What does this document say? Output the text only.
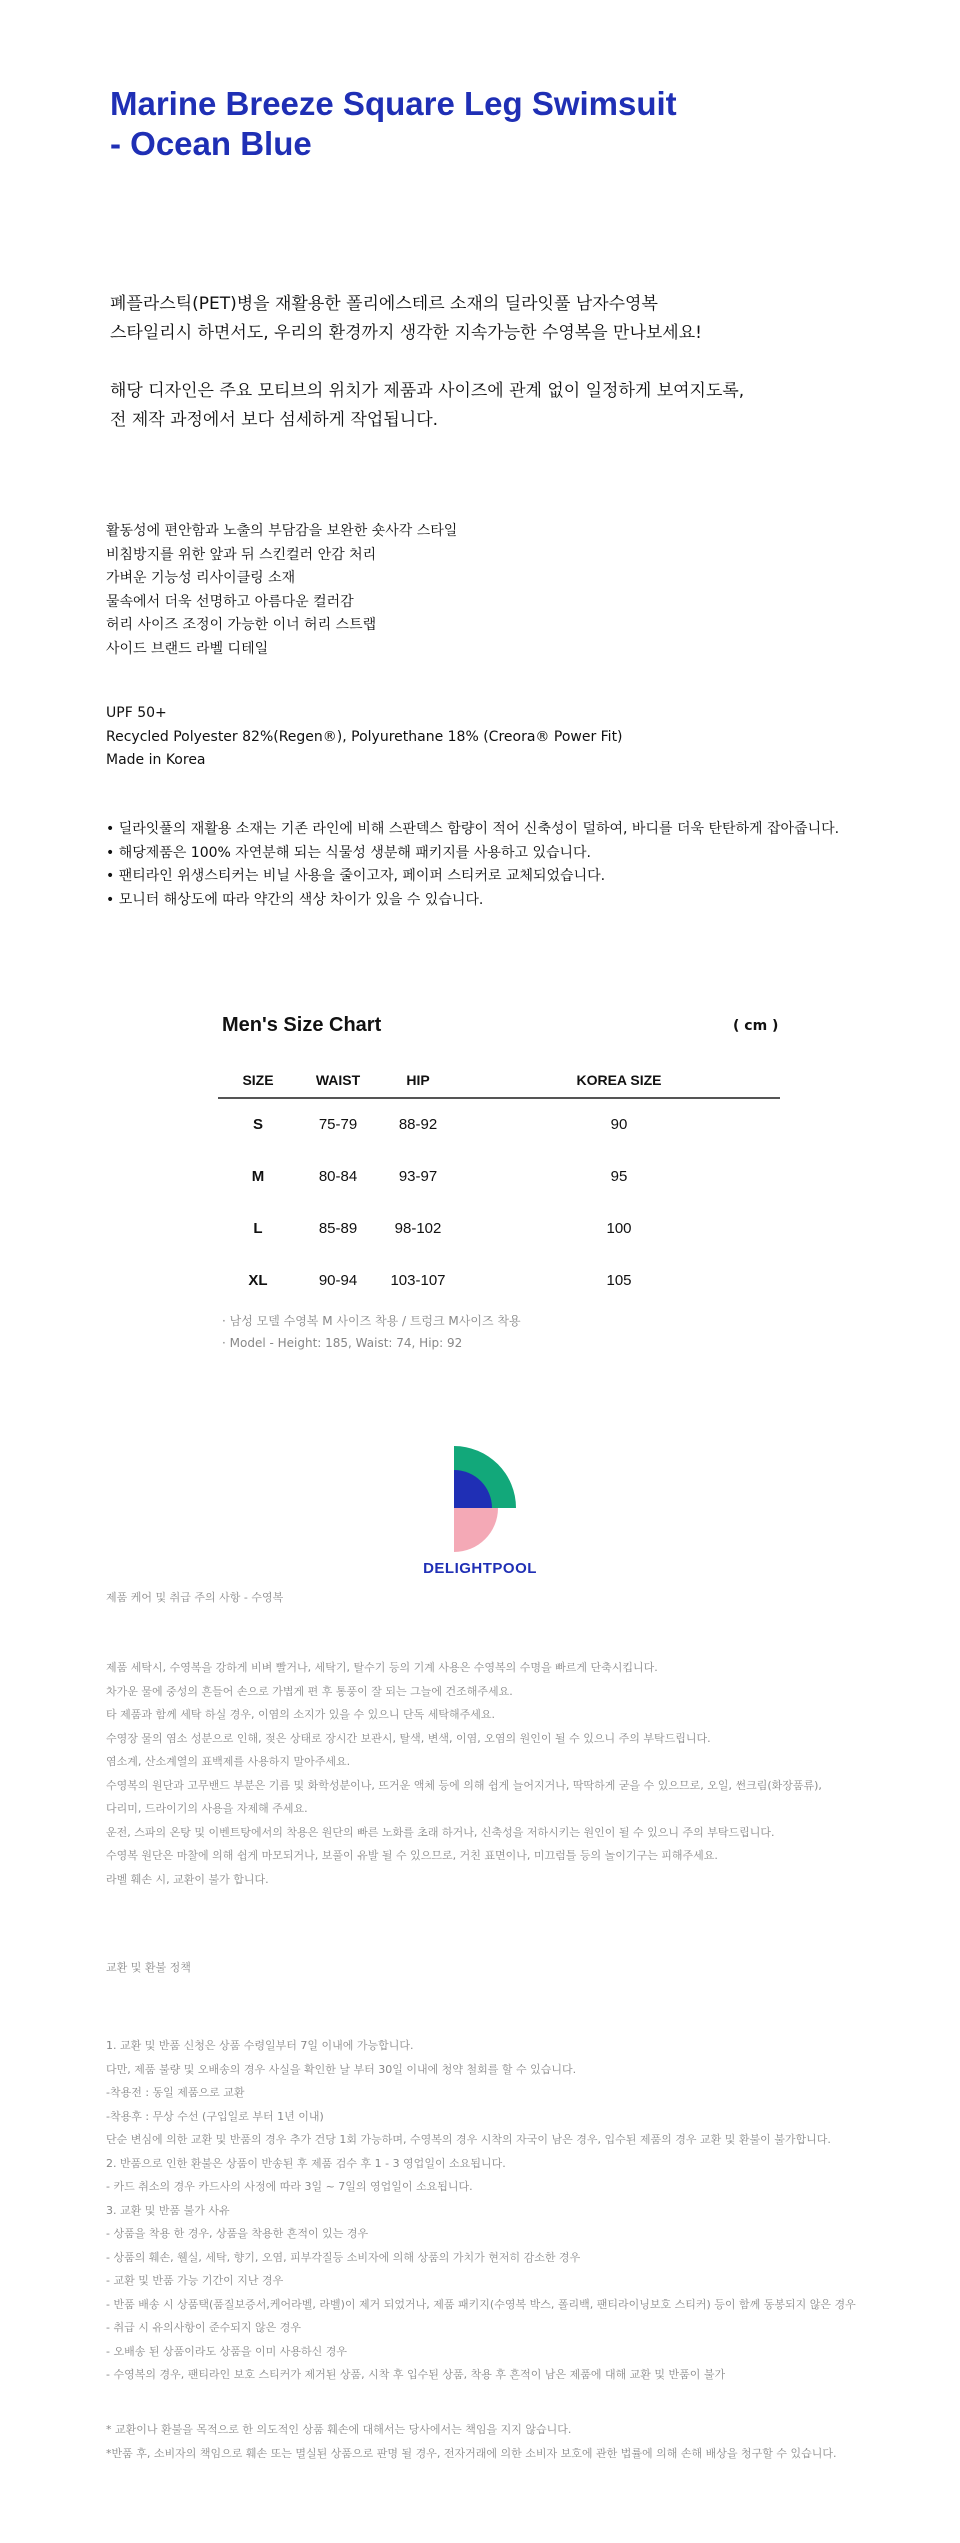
Marine Breeze Square Leg Swimsuit
- Ocean Blue

폐플라스틱(PET)병을 재활용한 폴리에스테르 소재의 딜라잇풀 남자수영복

스타일리시 하면서도, 우리의 환경까지 생각한 지속가능한 수영복을 만나보세요!

해당 디자인은 주요 모티브의 위치가 제품과 사이즈에 관계 없이 일정하게 보여지도록,

전 제작 과정에서 보다 섬세하게 작업됩니다.

활동성에 편안함과 노출의 부담감을 보완한 숏사각 스타일
비침방지를 위한 앞과 뒤 스킨컬러 안감 처리
가벼운 기능성 리사이클링 소재
물속에서 더욱 선명하고 아름다운 컬러감
허리 사이즈 조정이 가능한 이너 허리 스트랩
사이드 브랜드 라벨 디테일
UPF 50+
Recycled Polyester 82%(Regen®), Polyurethane 18% (Creora® Power Fit)
Made in Korea
• 딜라잇풀의 재활용 소재는 기존 라인에 비해 스판덱스 함량이 적어 신축성이 덜하여, 바디를 더욱 탄탄하게 잡아줍니다.
• 해당제품은 100% 자연분해 되는 식물성 생분해 패키지를 사용하고 있습니다.
• 팬티라인 위생스티커는 비닐 사용을 줄이고자, 페이퍼 스티커로 교체되었습니다.
• 모니터 해상도에 따라 약간의 색상 차이가 있을 수 있습니다.
Men's Size Chart	( cm )
SIZE	WAIST	HIP	KOREA SIZE
S	75-79	88-92	90
M	80-84	93-97	95
L	85-89	98-102	100
XL	90-94	103-107	105
· 남성 모델 수영복 M 사이즈 착용 / 트렁크 M사이즈 착용
· Model - Height: 185, Waist: 74, Hip: 92
DELIGHTPOOL

제품 케어 및 취급 주의 사항 - 수영복

제품 세탁시, 수영복을 강하게 비벼 빨거나, 세탁기, 탈수기 등의 기계 사용은 수영복의 수명을 빠르게 단축시킵니다.

차가운 물에 중성의 흔들어 손으로 가볍게 편 후 통풍이 잘 되는 그늘에 건조해주세요.

타 제품과 함께 세탁 하실 경우, 이염의 소지가 있을 수 있으니 단독 세탁해주세요.

수영장 물의 염소 성분으로 인해, 젖은 상태로 장시간 보관시, 탈색, 변색, 이염, 오염의 원인이 될 수 있으니 주의 부탁드립니다.

염소계, 산소계열의 표백제를 사용하지 말아주세요.

수영복의 원단과 고무밴드 부분은 기름 및 화학성분이나, 뜨거운 액체 등에 의해 쉽게 늘어지거나, 딱딱하게 굳을 수 있으므로, 오일, 썬크림(화장품류),

다리미, 드라이기의 사용을 자제해 주세요.

운전, 스파의 온탕 및 이벤트탕에서의 착용은 원단의 빠른 노화를 초래 하거나, 신축성을 저하시키는 원인이 될 수 있으니 주의 부탁드립니다.

수영복 원단은 마찰에 의해 쉽게 마모되거나, 보풀이 유발 될 수 있으므로, 거친 표면이나, 미끄럼틀 등의 놀이기구는 피해주세요.

라벨 훼손 시, 교환이 불가 합니다.

교환 및 환불 정책

1. 교환 및 반품 신청은 상품 수령일부터 7일 이내에 가능합니다.

다만, 제품 불량 및 오배송의 경우 사실을 확인한 날 부터 30일 이내에 청약 철회를 할 수 있습니다.

-착용전 : 동일 제품으로 교환

-착용후 : 무상 수선 (구입일로 부터 1년 이내)

단순 변심에 의한 교환 및 반품의 경우 추가 건당 1회 가능하며, 수영복의 경우 시착의 자국이 남은 경우, 입수된 제품의 경우 교환 및 환불이 불가합니다.

2. 반품으로 인한 환불은 상품이 반송된 후 제품 검수 후 1 - 3 영업일이 소요됩니다.

- 카드 취소의 경우 카드사의 사정에 따라 3일 ~ 7일의 영업일이 소요됩니다.

3. 교환 및 반품 불가 사유

- 상품을 착용 한 경우, 상품을 착용한 흔적이 있는 경우

- 상품의 훼손, 웰실, 세탁, 향기, 오염, 피부각질등 소비자에 의해 상품의 가치가 현저히 감소한 경우

- 교환 및 반품 가능 기간이 지난 경우

- 반품 배송 시 상품택(품질보증서,케어라벨, 라벨)이 제거 되었거나, 제품 패키지(수영복 박스, 폴리백, 팬티라이닝보호 스티커) 등이 함께 동봉되지 않은 경우

- 취급 시 유의사항이 준수되지 않은 경우

- 오배송 된 상품이라도 상품을 이미 사용하신 경우

- 수영복의 경우, 팬티라인 보호 스티커가 제거된 상품, 시착 후 입수된 상품, 착용 후 흔적이 남은 제품에 대해 교환 및 반품이 불가

* 교환이나 환불을 목적으로 한 의도적인 상품 훼손에 대해서는 당사에서는 책임을 지지 않습니다.

*반품 후, 소비자의 책임으로 훼손 또는 멸실된 상품으로 판명 될 경우, 전자거래에 의한 소비자 보호에 관한 법률에 의해 손해 배상을 청구할 수 있습니다.
